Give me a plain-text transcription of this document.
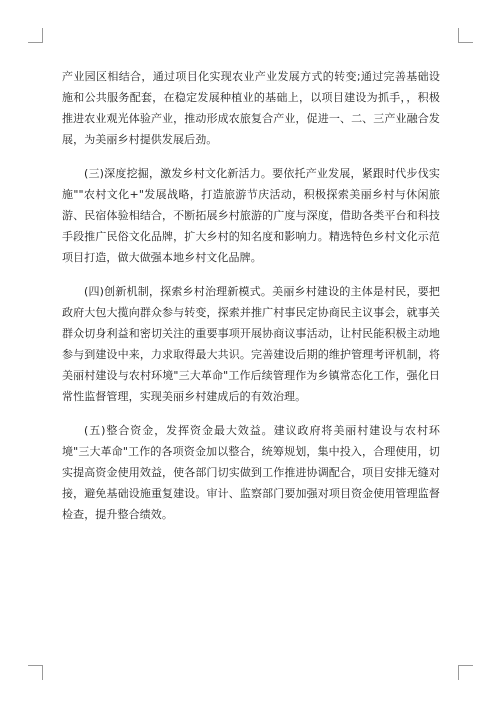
产业园区相结合，通过项目化实现农业产业发展方式的转变;通过完善基础设施和公共服务配套，在稳定发展种植业的基础上，以项目建设为抓手，，积极推进农业观光体验产业，推动形成农旅复合产业，促进一、二、三产业融合发展，为美丽乡村提供发展后劲。

(三)深度挖掘，激发乡村文化新活力。要依托产业发展，紧跟时代步伐实施""农村文化+"发展战略，打造旅游节庆活动，积极探索美丽乡村与休闲旅游、民宿体验相结合，不断拓展乡村旅游的广度与深度，借助各类平台和科技手段推广民俗文化品牌，扩大乡村的知名度和影响力。精选特色乡村文化示范项目打造，做大做强本地乡村文化品牌。

(四)创新机制，探索乡村治理新模式。美丽乡村建设的主体是村民，要把政府大包大揽向群众参与转变，探索并推广村事民定协商民主议事会，就事关群众切身利益和密切关注的重要事项开展协商议事活动，让村民能积极主动地参与到建设中来，力求取得最大共识。完善建设后期的维护管理考评机制，将美丽村建设与农村环境"三大革命"工作后续管理作为乡镇常态化工作，强化日常性监督管理，实现美丽乡村建成后的有效治理。

(五)整合资金，发挥资金最大效益。建议政府将美丽村建设与农村环境"三大革命"工作的各项资金加以整合，统筹规划，集中投入，合理使用，切实提高资金使用效益，使各部门切实做到工作推进协调配合，项目安排无缝对接，避免基础设施重复建设。审计、监察部门要加强对项目资金使用管理监督检查，提升整合绩效。
